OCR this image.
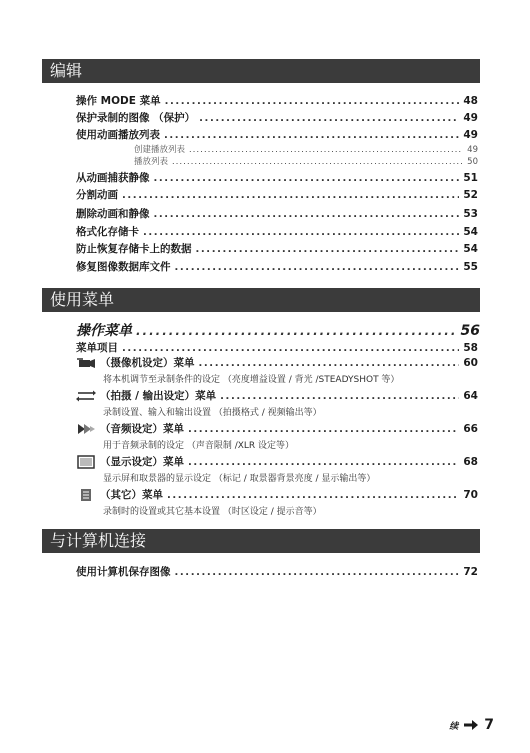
编辑
操作 MODE 菜单 .....	48
保护录制的图像 （保护） .....	49
使用动画播放列表 .....	49
创建播放列表 .....	49
播放列表 .....	50
从动画捕获静像 .....	51
分割动画 .....	52
删除动画和静像 .....	53
格式化存储卡 .....	54
防止恢复存储卡上的数据 .....	54
修复图像数据库文件 .....	55
使用菜单
操作菜单 .....	56
菜单项目 .....	58
（摄像机设定）菜单 .....	60
将本机调节至录制条件的设定 （亮度增益设置 / 背光 /STEADYSHOT 等）
（拍摄 / 输出设定）菜单 .....	64
录制设置、输入和输出设置 （拍摄格式 / 视频输出等）
（音频设定）菜单 .....	66
用于音频录制的设定 （声音限制 /XLR 设定等）
（显示设定）菜单 .....	68
显示屏和取景器的显示设定 （标记 / 取景器背景亮度 / 显示输出等）
（其它）菜单 .....	70
录制时的设置或其它基本设置 （时区设定 / 提示音等）
与计算机连接
使用计算机保存图像 .....	72
续 7
